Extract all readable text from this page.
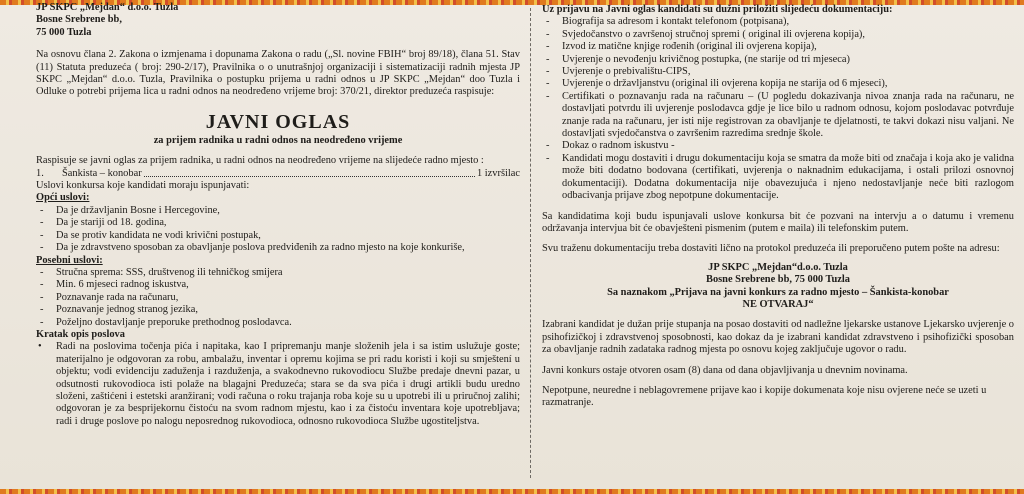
JP SKPC „Mejdan“ d.o.o. Tuzla
Bosne Srebrene bb,
75 000 Tuzla

Na osnovu člana 2. Zakona o izmjenama i dopunama Zakona o radu („Sl. novine FBIH“ broj 89/18), člana 51. Stav (11) Statuta preduzeća ( broj: 290-2/17), Pravilnika o o unutrašnjoj organizaciji i sistematizaciji radnih mjesta JP SKPC „Mejdan“ d.o.o. Tuzla, Pravilnika o postupku prijema u radni odnos u JP SKPC „Mejdan“ doo Tuzla i Odluke o potrebi prijema lica u radni odnos na neodređeno vrijeme broj: 370/21, direktor preduzeća raspisuje:

JAVNI OGLAS
za prijem radnika u radni odnos na neodređeno vrijeme

Raspisuje se javni oglas za prijem radnika, u radni odnos na neodređeno vrijeme na slijedeće radno mjesto :

1.	Šankista – konobar	1 izvršilac

Uslovi konkursa koje kandidati moraju ispunjavati:

Opći uslovi:
- Da je državljanin Bosne i Hercegovine,
- Da je stariji od 18. godina,
- Da se protiv kandidata ne vodi krivični postupak,
- Da je zdravstveno sposoban za obavljanje poslova predviđenih za radno mjesto na koje konkuriše,
Posebni uslovi:
- Stručna sprema: SSS, društvenog ili tehničkog smijera
- Min. 6 mjeseci radnog iskustva,
- Poznavanje rada na računaru,
- Poznavanje jednog stranog jezika,
- Poželjno dostavljanje preporuke prethodnog poslodavca.
Kratak opis poslova
• Radi na poslovima točenja pića i napitaka, kao I pripremanju manje složenih jela i sa istim uslužuje goste; materijalno je odgovoran za robu, ambalažu, inventar i opremu kojima se pri radu koristi i koji su smještení u objektu; vodi evidenciju zaduženja i razduženja, a svakodnevno rukovodiocu Službe predaje dnevni pazar, u odsutnosti rukovodioca isti polaže na blagajni Preduzeća; stara se da sva pića i drugi artikli budu uredno složeni, zaštićeni i estetski aranžirani; vodi računa o roku trajanja roba koje su u upotrebi ili u priručnoj zalihi; odgovoran je za besprijekornu čistoću na svom radnom mjestu, kao i za čistoću inventara koje upotrebljava; radi i druge poslove po nalogu neposrednog rukovodioca, odnosno rukovodioca Službe ugostiteljstva.
Uz prijavu na Javni oglas kandidati su dužni priložiti slijedeću dokumentaciju:
- Biografija sa adresom i kontakt telefonom (potpisana),
- Svjedočanstvo o završenoj stručnoj spremi ( original ili ovjerena kopija),
- Izvod iz matične knjige rođenih (original ili ovjerena kopija),
- Uvjerenje o nevođenju krivičnog postupka, (ne starije od tri mjeseca)
- Uvjerenje o prebivalištu-CIPS,
- Uvjerenje o državljanstvu (original ili ovjerena kopija ne starija od 6 mjeseci),
- Certifikati o poznavanju rada na računaru – (U pogledu dokazivanja nivoa znanja rada na računaru, ne dostavljati potvrdu ili uvjerenje poslodavca gdje je lice bilo u radnom odnosu, kojom poslodavac potvrđuje znanje rada na računaru, jer isti nije registrovan za obavljanje te djelatnosti, te takvi dokazi nisu valjani. Ne dostavljati svjedočanstva o završenim razredima srednje škole.
- Dokaz o radnom iskustvu -
- Kandidati mogu dostaviti i drugu dokumentaciju koja se smatra da može biti od značaja i koja ako je validna može biti dodatno bodovana (certifikati, uvjerenja o naknadnim edukacijama, i ostali prilozi osnovnoj dokumentaciji). Dodatna dokumentacija nije obavezujuća i njeno nedostavljanje neće biti razlogom odbacivanja prijave zbog nepotpune dokumentacije.

Sa kandidatima koji budu ispunjavali uslove konkursa bit će pozvani na intervju a o datumu i vremenu održavanja intervjua bit će obavješteni pismenim (putem e maila) ili telefonskim putem.

Svu traženu dokumentaciju treba dostaviti lično na protokol preduzeća ili preporučeno putem pošte na adresu:

JP SKPC „Mejdan“d.o.o. Tuzla
Bosne Srebrene bb, 75 000 Tuzla
Sa naznakom „Prijava na javni konkurs za radno mjesto – Šankista-konobar
NE OTVARAJ“

Izabrani kandidat je dužan prije stupanja na posao dostaviti od nadležne ljekarske ustanove Ljekarsko uvjerenje o psihofizičkoj i zdravstvenoj sposobnosti, kao dokaz da je izabrani kandidat zdravstveno i psihofizički sposoban za obavljanje radnih zadataka radnog mjesta po osnovu kojeg zaključuje ugovor o radu.

Javni konkurs ostaje otvoren osam (8) dana od dana objavljivanja u dnevnim novinama.

Nepotpune, neuredne i neblagovremene prijave kao i kopije dokumenata koje nisu ovjerene neće se uzeti u razmatranje.
